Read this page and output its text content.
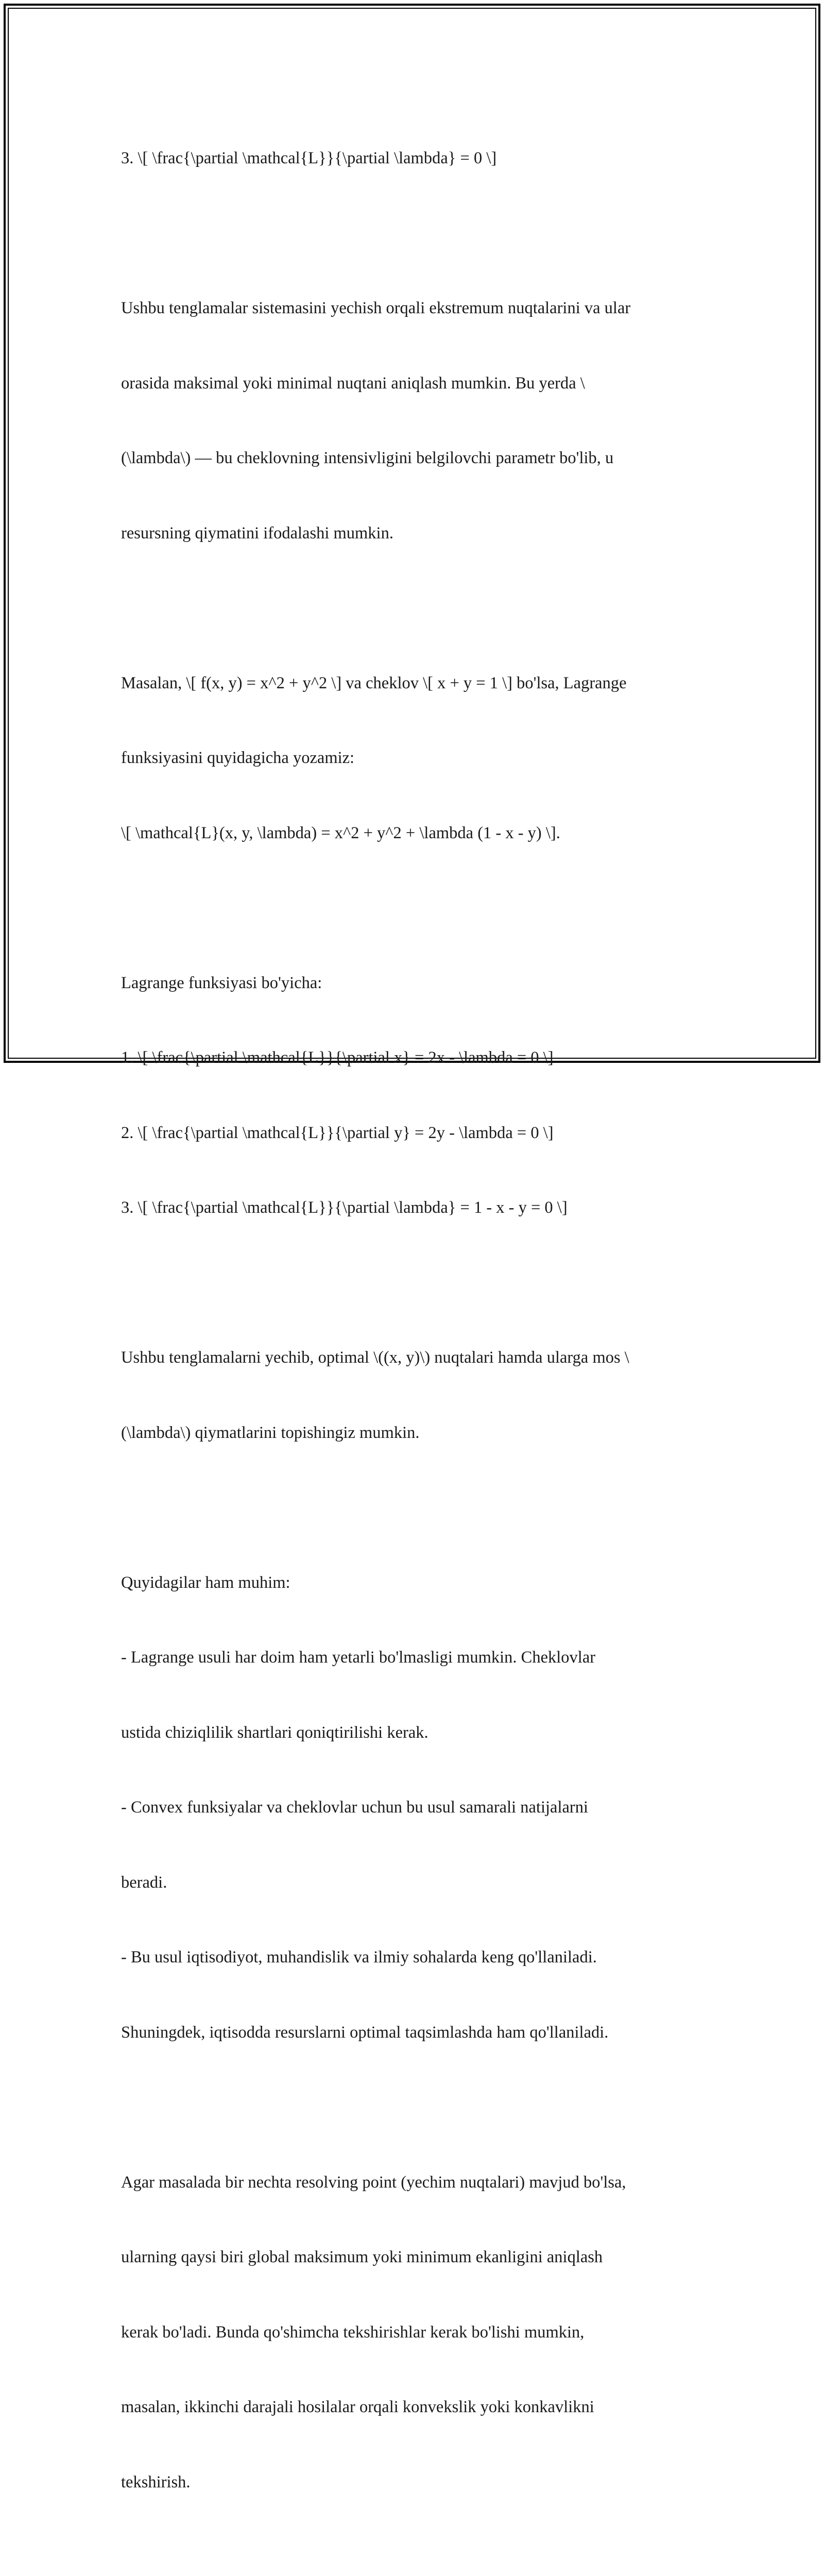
3. \[ \frac{\partial \mathcal{L}}{\partial \lambda} = 0 \]

Ushbu tenglamalar sistemasini yechish orqali ekstremum nuqtalarini va ular

orasida maksimal yoki minimal nuqtani aniqlash mumkin. Bu yerda \

(\lambda\) — bu cheklovning intensivligini belgilovchi parametr bo'lib, u

resursning qiymatini ifodalashi mumkin.

Masalan, \[ f(x, y) = x^2 + y^2 \] va cheklov \[ x + y = 1 \] bo'lsa, Lagrange

funksiyasini quyidagicha yozamiz:

\[ \mathcal{L}(x, y, \lambda) = x^2 + y^2 + \lambda (1 - x - y) \].

Lagrange funksiyasi bo'yicha:

1. \[ \frac{\partial \mathcal{L}}{\partial x} = 2x - \lambda = 0 \]

2. \[ \frac{\partial \mathcal{L}}{\partial y} = 2y - \lambda = 0 \]

3. \[ \frac{\partial \mathcal{L}}{\partial \lambda} = 1 - x - y = 0 \]

Ushbu tenglamalarni yechib, optimal \((x, y)\) nuqtalari hamda ularga mos \

(\lambda\) qiymatlarini topishingiz mumkin.

Quyidagilar ham muhim:

- Lagrange usuli har doim ham yetarli bo'lmasligi mumkin. Cheklovlar

ustida chiziqlilik shartlari qoniqtirilishi kerak.

- Convex funksiyalar va cheklovlar uchun bu usul samarali natijalarni

beradi.

- Bu usul iqtisodiyot, muhandislik va ilmiy sohalarda keng qo'llaniladi.

Shuningdek, iqtisodda resurslarni optimal taqsimlashda ham qo'llaniladi.

Agar masalada bir nechta resolving point (yechim nuqtalari) mavjud bo'lsa,

ularning qaysi biri global maksimum yoki minimum ekanligini aniqlash

kerak bo'ladi. Bunda qo'shimcha tekshirishlar kerak bo'lishi mumkin,

masalan, ikkinchi darajali hosilalar orqali konvekslik yoki konkavlikni

tekshirish.
